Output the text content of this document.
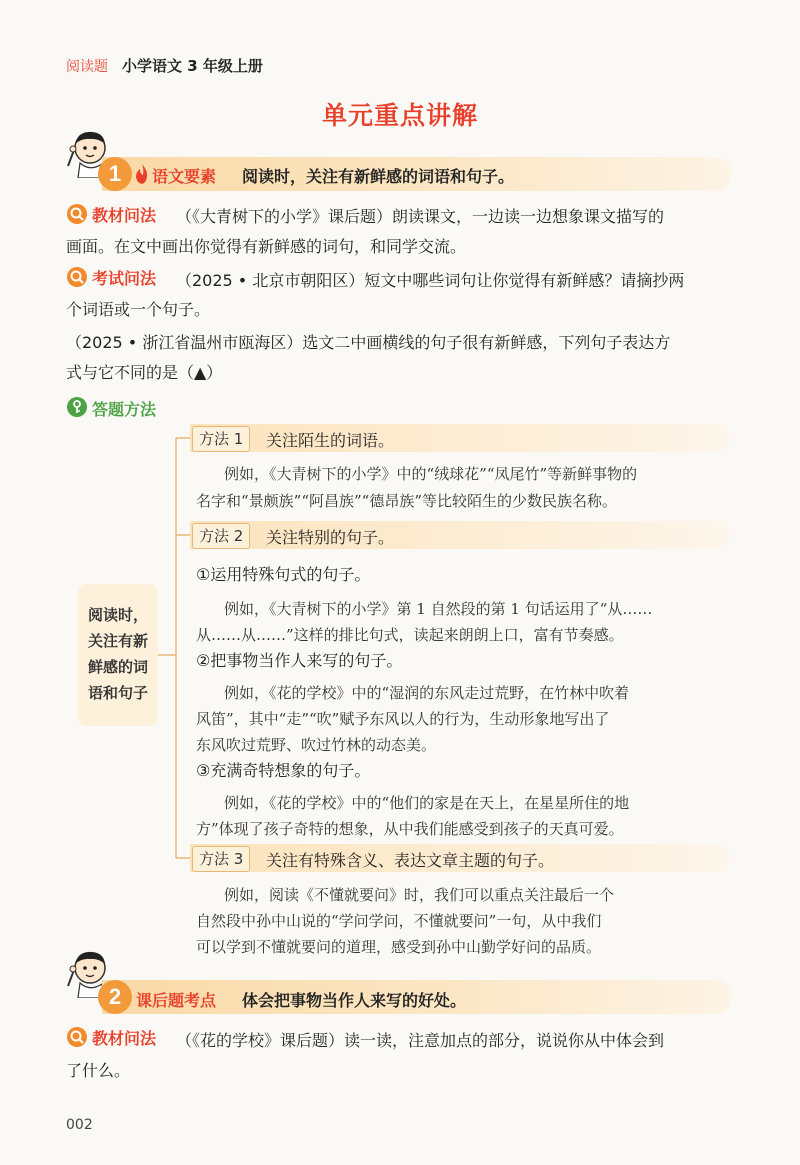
阅读题 小学语文 3 年级上册
单元重点讲解
1	语文要素 阅读时，关注有新鲜感的词语和句子。
教材问法 （《大青树下的小学》课后题）朗读课文，一边读一边想象课文描写的
画面。在文中画出你觉得有新鲜感的词句，和同学交流。
考试问法 （2025 • 北京市朝阳区）短文中哪些词句让你觉得有新鲜感？请摘抄两
个词语或一个句子。
（2025 • 浙江省温州市瓯海区）选文二中画横线的句子很有新鲜感，下列句子表达方
式与它不同的是（▲）
答题方法
阅读时，
关注有新
鲜感的词
语和句子
方法 1	关注陌生的词语。
例如，《大青树下的小学》中的“绒球花”“凤尾竹”等新鲜事物的
名字和“景颇族”“阿昌族”“德昂族”等比较陌生的少数民族名称。
方法 2	关注特别的句子。
①运用特殊句式的句子。
例如，《大青树下的小学》第 1 自然段的第 1 句话运用了“从……
从……从……”这样的排比句式，读起来朗朗上口，富有节奏感。
②把事物当作人来写的句子。
例如，《花的学校》中的“湿润的东风走过荒野，在竹林中吹着
风笛”，其中“走”“吹”赋予东风以人的行为，生动形象地写出了
东风吹过荒野、吹过竹林的动态美。
③充满奇特想象的句子。
例如，《花的学校》中的“他们的家是在天上，在星星所住的地
方”体现了孩子奇特的想象，从中我们能感受到孩子的天真可爱。
方法 3	关注有特殊含义、表达文章主题的句子。
例如，阅读《不懂就要问》时，我们可以重点关注最后一个
自然段中孙中山说的“学问学问，不懂就要问”一句，从中我们
可以学到不懂就要问的道理，感受到孙中山勤学好问的品质。
2 课后题考点 体会把事物当作人来写的好处。
教材问法 （《花的学校》课后题）读一读，注意加点的部分，说说你从中体会到
了什么。
002
